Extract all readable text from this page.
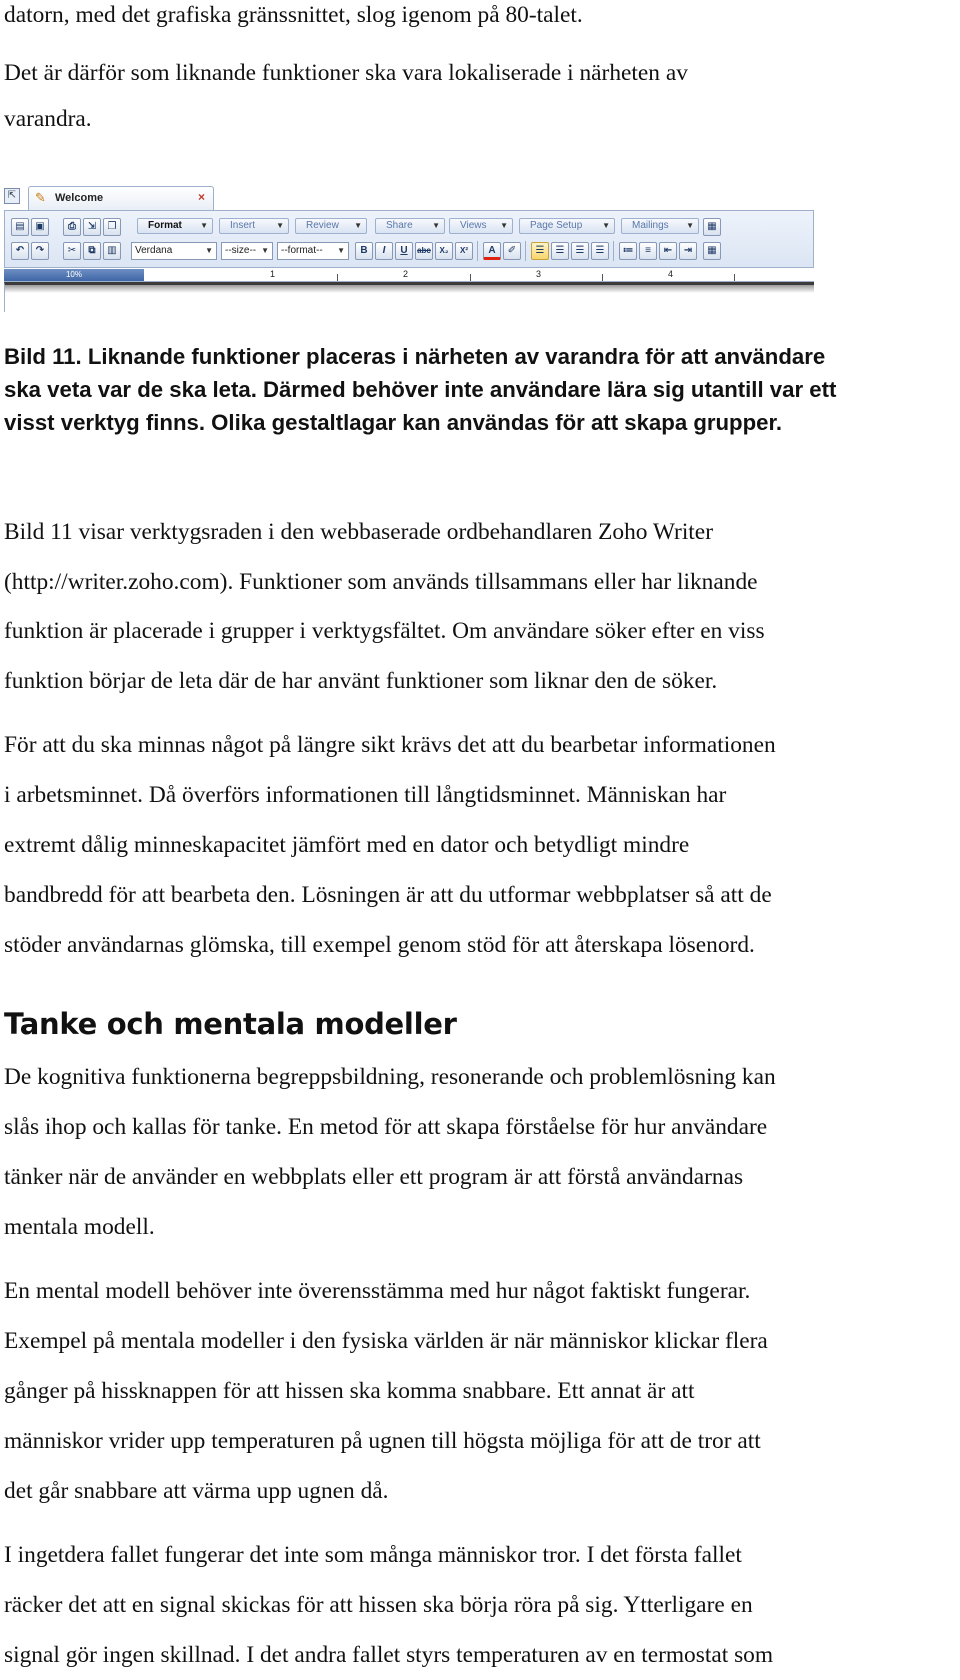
datorn, med det grafiska gränssnittet, slog igenom på 80-talet.

Det är därför som liknande funktioner ska vara lokaliserade i närheten av

varandra.

⇱ ✎ Welcome	×
▤	▣	⎙	⇲	❐	Format ▼	Insert	▼	Review ▼	Share ▼	Views ▼	Page Setup ▼	Mailings ▼	▦
↶	↷	✂	⧉	▥	Verdana	▼	--size-- ▼	--format-- ▼	B	I	U	abc	X₂	X²	A	✐	☰	☰	☰	☰	≔	≡	⇤	⇥	▦
10%	1	2	3	4

Bild 11. Liknande funktioner placeras i närheten av varandra för att användare
ska veta var de ska leta. Därmed behöver inte användare lära sig utantill var ett
visst verktyg finns. Olika gestaltlagar kan användas för att skapa grupper.

Bild 11 visar verktygsraden i den webbaserade ordbehandlaren Zoho Writer

(http://writer.zoho.com). Funktioner som används tillsammans eller har liknande

funktion är placerade i grupper i verktygsfältet. Om användare söker efter en viss

funktion börjar de leta där de har använt funktioner som liknar den de söker.

För att du ska minnas något på längre sikt krävs det att du bearbetar informationen

i arbetsminnet. Då överförs informationen till långtidsminnet. Människan har

extremt dålig minneskapacitet jämfört med en dator och betydligt mindre

bandbredd för att bearbeta den. Lösningen är att du utformar webbplatser så att de

stöder användarnas glömska, till exempel genom stöd för att återskapa lösenord.

Tanke och mentala modeller

De kognitiva funktionerna begreppsbildning, resonerande och problemlösning kan

slås ihop och kallas för tanke. En metod för att skapa förståelse för hur användare

tänker när de använder en webbplats eller ett program är att förstå användarnas

mentala modell.

En mental modell behöver inte överensstämma med hur något faktiskt fungerar.

Exempel på mentala modeller i den fysiska världen är när människor klickar flera

gånger på hissknappen för att hissen ska komma snabbare. Ett annat är att

människor vrider upp temperaturen på ugnen till högsta möjliga för att de tror att

det går snabbare att värma upp ugnen då.

I ingetdera fallet fungerar det inte som många människor tror. I det första fallet

räcker det att en signal skickas för att hissen ska börja röra på sig. Ytterligare en

signal gör ingen skillnad. I det andra fallet styrs temperaturen av en termostat som
